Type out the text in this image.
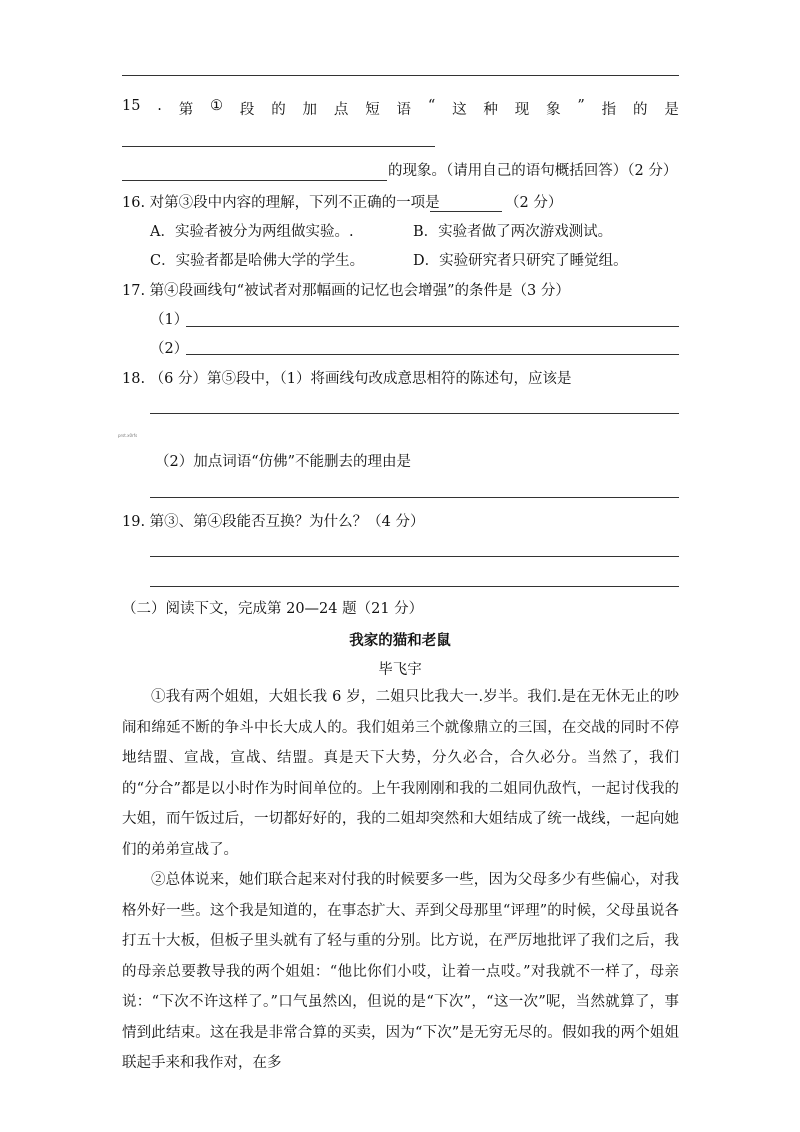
15 . 第 ① 段 的 加 点 短 语 “ 这 种 现 象 ” 指 的 是
的现象。（请用自己的语句概括回答）（2 分）
16. 对第③段中内容的理解，下列不正确的一项是	（2 分）
A．实验者被分为两组做实验。.	B．实验者做了两次游戏测试。
C．实验者都是哈佛大学的学生。	D．实验研究者只研究了睡觉组。
17. 第④段画线句“被试者对那幅画的记忆也会增强”的条件是（3 分）
（1）
（2）
18. （6 分）第⑤段中，（1）将画线句改成意思相符的陈述句，应该是
prst.x0rfs
（2）加点词语“仿佛”不能删去的理由是
19. 第③、第④段能否互换？为什么？（4 分）
（二）阅读下文，完成第 20—24 题（21 分）
我家的猫和老鼠
毕飞宇

①我有两个姐姐，大姐长我 6 岁，二姐只比我大一.岁半。我们.是在无休无止的吵闹和绵延不断的争斗中长大成人的。我们姐弟三个就像鼎立的三国，在交战的同时不停地结盟、宣战，宣战、结盟。真是天下大势，分久必合，合久必分。当然了，我们的“分合”都是以小时作为时间单位的。上午我刚刚和我的二姐同仇敌忾，一起讨伐我的大姐，而午饭过后，一切都好好的，我的二姐却突然和大姐结成了统一战线，一起向她们的弟弟宣战了。

②总体说来，她们联合起来对付我的时候要多一些，因为父母多少有些偏心，对我格外好一些。这个我是知道的，在事态扩大、弄到父母那里“评理”的时候，父母虽说各打五十大板，但板子里头就有了轻与重的分别。比方说，在严厉地批评了我们之后，我的母亲总要教导我的两个姐姐：“他比你们小哎，让着一点哎。”对我就不一样了，母亲说：“下次不许这样了。”口气虽然凶，但说的是“下次”，“这一次”呢，当然就算了，事情到此结束。这在我是非常合算的买卖，因为“下次”是无穷无尽的。假如我的两个姐姐联起手来和我作对，在多
